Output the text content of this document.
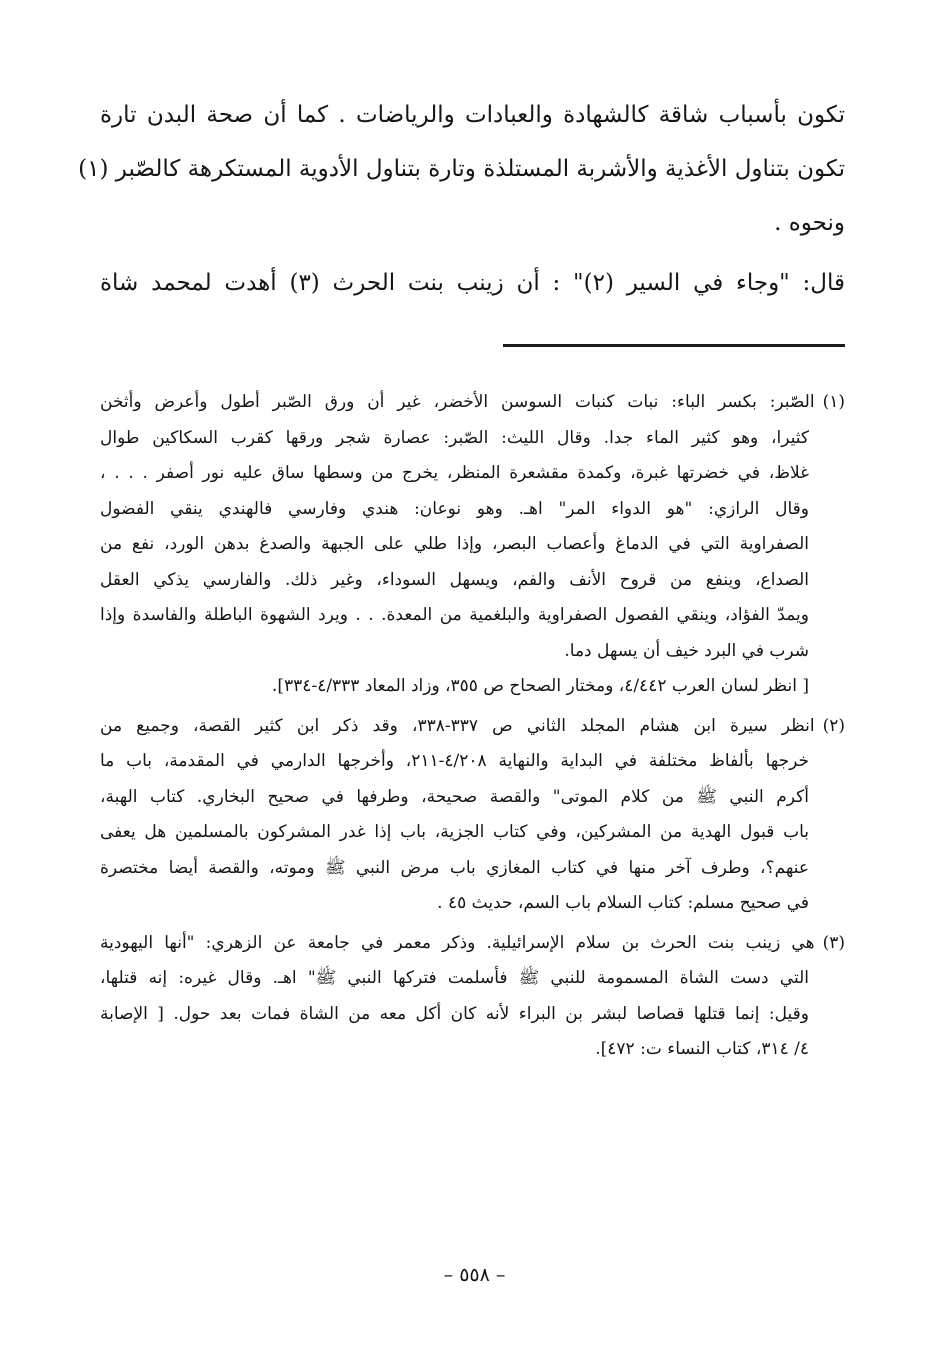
تكون بأسباب شاقة كالشهادة والعبادات والرياضات . كما أن صحة البدن تارة
تكون بتناول الأغذية والأشربة المستلذة وتارة بتناول الأدوية المستكرهة كالصّبر (١)
ونحوه .
قال: "وجاء في السير (٢)" : أن زينب بنت الحرث (٣) أهدت لمحمد شاة
(١)الصّبر: بكسر الباء: نبات كنبات السوسن الأخضر، غير أن ورق الصّبر أطول وأعرض وأثخن
كثيرا، وهو كثير الماء جدا. وقال الليث: الصّبر: عصارة شجر ورقها كقرب السكاكين طوال
غلاظ، في خضرتها غبرة، وكمدة مقشعرة المنظر، يخرج من وسطها ساق عليه نور أصفر . . . ،
وقال الرازي: "هو الدواء المر" اهـ. وهو نوعان: هندي وفارسي فالهندي ينقي الفضول
الصفراوية التي في الدماغ وأعصاب البصر، وإذا طلي على الجبهة والصدغ بدهن الورد، نفع من
الصداع، وينفع من قروح الأنف والفم، ويسهل السوداء، وغير ذلك. والفارسي يذكي العقل
ويمدّ الفؤاد، وينقي الفصول الصفراوية والبلغمية من المعدة. . . ويرد الشهوة الباطلة والفاسدة وإذا
شرب في البرد خيف أن يسهل دما.
[ انظر لسان العرب ٤/٤٤٢، ومختار الصحاح ص ٣٥٥، وزاد المعاد ٤/٣٣٣-٣٣٤].
(٢)انظر سيرة ابن هشام المجلد الثاني ص ٣٣٧-٣٣٨، وقد ذكر ابن كثير القصة، وجميع من
خرجها بألفاظ مختلفة في البداية والنهاية ٤/٢٠٨-٢١١، وأخرجها الدارمي في المقدمة، باب ما
أكرم النبي ﷺ من كلام الموتى" والقصة صحيحة، وطرفها في صحيح البخاري. كتاب الهبة،
باب قبول الهدية من المشركين، وفي كتاب الجزية، باب إذا غدر المشركون بالمسلمين هل يعفى
عنهم؟، وطرف آخر منها في كتاب المغازي باب مرض النبي ﷺ وموته، والقصة أيضا مختصرة
في صحيح مسلم: كتاب السلام باب السم، حديث ٤٥ .
(٣)هي زينب بنت الحرث بن سلام الإسرائيلية. وذكر معمر في جامعة عن الزهري: "أنها اليهودية
التي دست الشاة المسمومة للنبي ﷺ فأسلمت فتركها النبي ﷺ" اهـ. وقال غيره: إنه قتلها،
وقيل: إنما قتلها قصاصا لبشر بن البراء لأنه كان أكل معه من الشاة فمات بعد حول. [ الإصابة
٤/ ٣١٤، كتاب النساء ت: ٤٧٢].
– ٥٥٨ –
